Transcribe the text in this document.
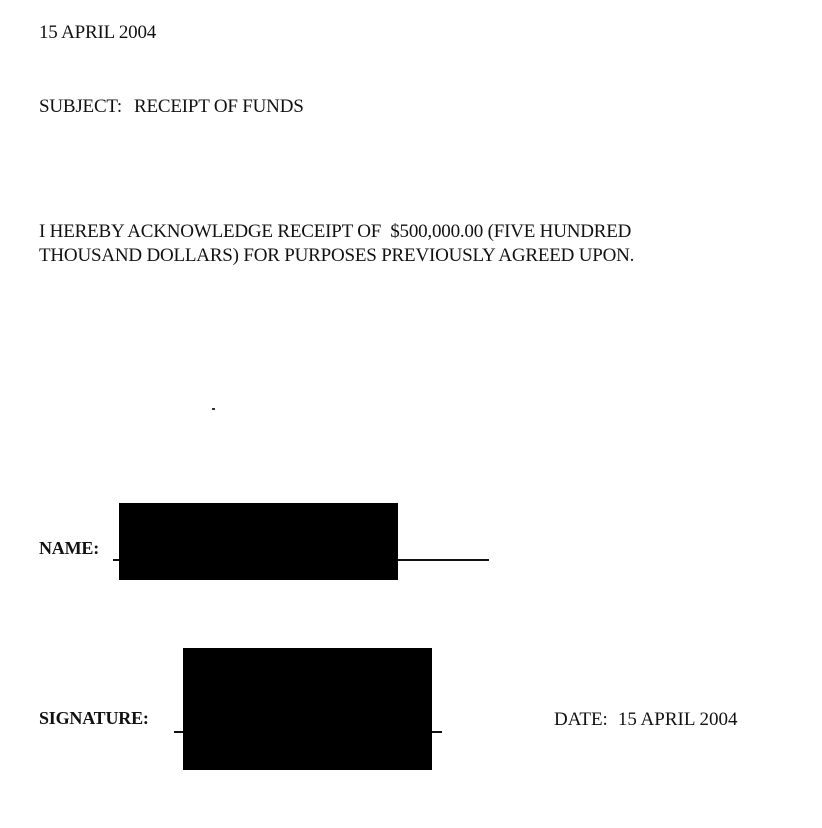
15 APRIL 2004
SUBJECT: RECEIPT OF FUNDS
I HEREBY ACKNOWLEDGE RECEIPT OF  $500,000.00 (FIVE HUNDRED
THOUSAND DOLLARS) FOR PURPOSES PREVIOUSLY AGREED UPON.
NAME:
SIGNATURE:	DATE: 15 APRIL 2004
